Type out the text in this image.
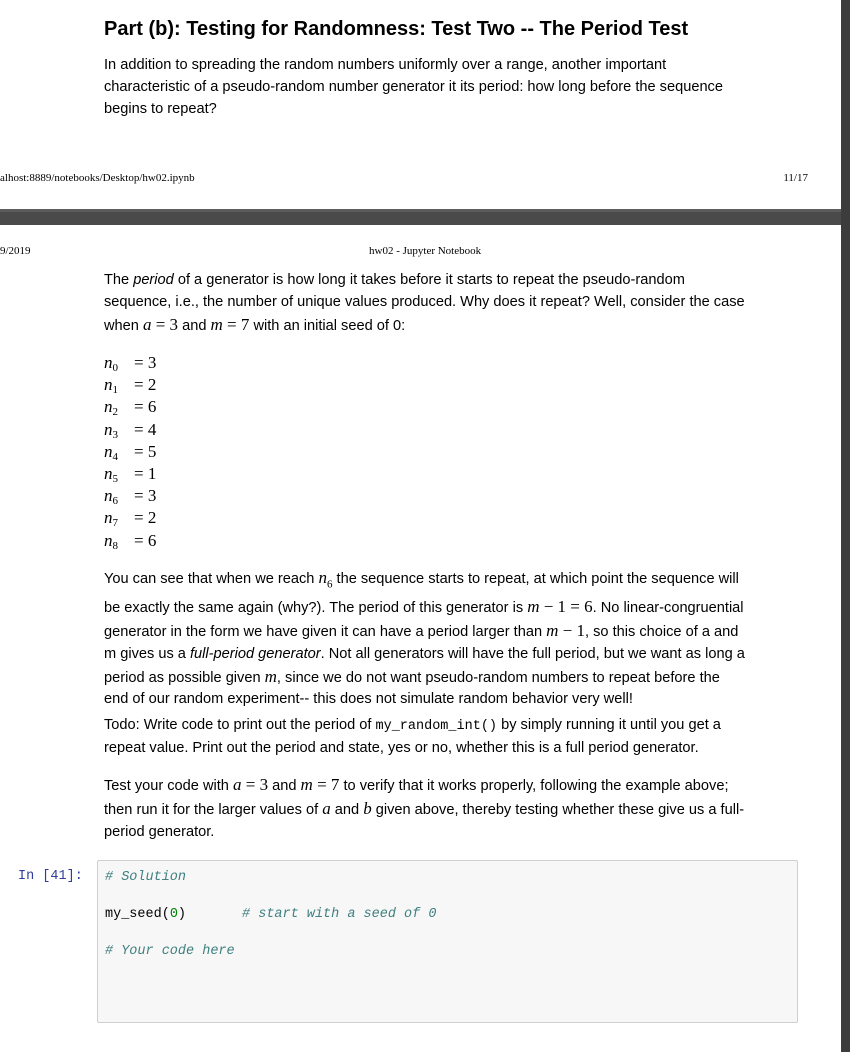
Part (b): Testing for Randomness: Test Two -- The Period Test
In addition to spreading the random numbers uniformly over a range, another important
characteristic of a pseudo-random number generator it its period: how long before the sequence
begins to repeat?
alhost:8889/notebooks/Desktop/hw02.ipynb	11/17
9/2019	hw02 - Jupyter Notebook
The period of a generator is how long it takes before it starts to repeat the pseudo-random
sequence, i.e., the number of unique values produced. Why does it repeat? Well, consider the case
when a = 3 and m = 7 with an initial seed of 0:
$n_0 = 3$
$n_1 = 2$
$n_2 = 6$
$n_3 = 4$
$n_4 = 5$
$n_5 = 1$
$n_6 = 3$
$n_7 = 2$
$n_8 = 6$
You can see that when we reach $n_6$ the sequence starts to repeat, at which point the sequence will
be exactly the same again (why?). The period of this generator is m − 1 = 6. No linear-congruential
generator in the form we have given it can have a period larger than m − 1, so this choice of a and
m gives us a full-period generator. Not all generators will have the full period, but we want as long a
period as possible given m, since we do not want pseudo-random numbers to repeat before the
end of our random experiment-- this does not simulate random behavior very well!
Todo: Write code to print out the period of my_random_int() by simply running it until you get a
repeat value. Print out the period and state, yes or no, whether this is a full period generator.
Test your code with a = 3 and m = 7 to verify that it works properly, following the example above;
then run it for the larger values of a and b given above, thereby testing whether these give us a full-
period generator.
In [41]: # Solution
my_seed(0)	# start with a seed of 0
# Your code here
